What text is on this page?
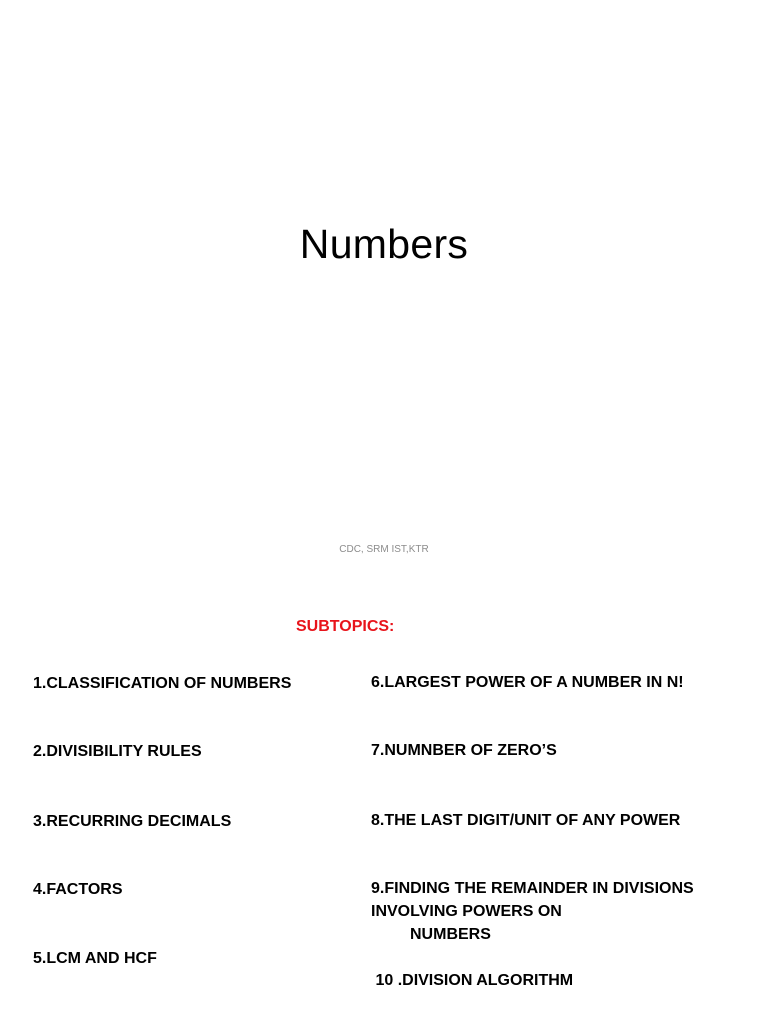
Numbers
CDC, SRM IST,KTR
SUBTOPICS:
1.CLASSIFICATION OF NUMBERS
2.DIVISIBILITY RULES
3.RECURRING DECIMALS
4.FACTORS
5.LCM AND HCF
6.LARGEST POWER OF A NUMBER IN N!
7.NUMNBER OF ZERO’S
8.THE LAST DIGIT/UNIT OF ANY POWER
9.FINDING THE REMAINDER IN DIVISIONS
INVOLVING POWERS ON
NUMBERS
10 .DIVISION ALGORITHM
